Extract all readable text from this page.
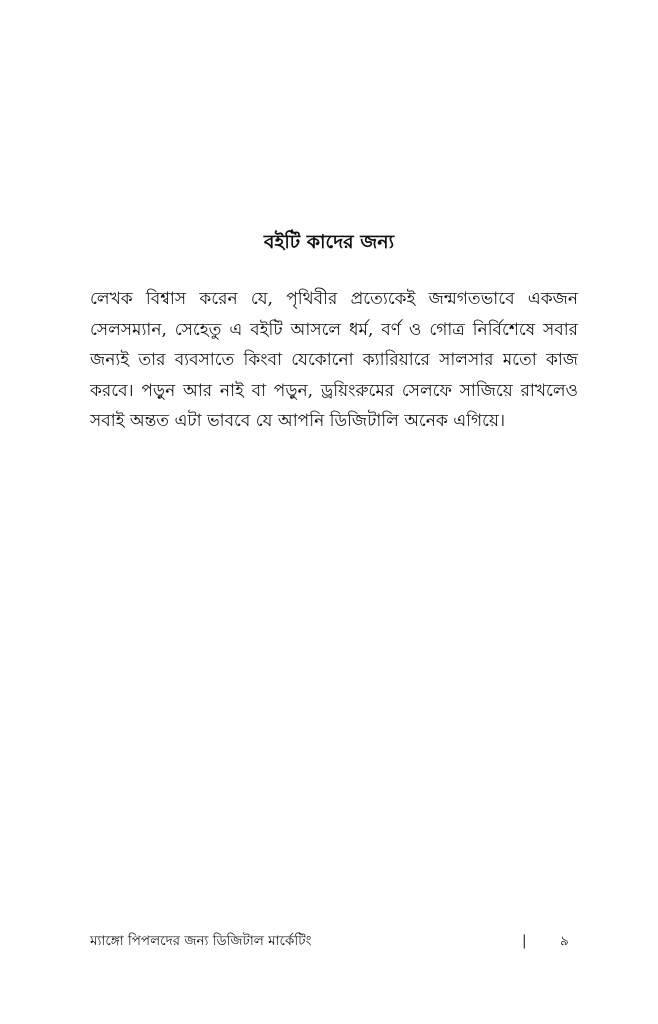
বইটি কাদের জন্য

লেখক বিশ্বাস করেন যে, পৃথিবীর প্রত্যেকেই জন্মগতভাবে একজন সেলসম্যান, সেহেতু এ বইটি আসলে ধর্ম, বর্ণ ও গোত্র নির্বিশেষে সবার জন্যই তার ব্যবসাতে কিংবা যেকোনো ক্যারিয়ারে সালসার মতো কাজ করবে। পড়ুন আর নাই বা পড়ুন, ড্রয়িংরুমের সেলফে সাজিয়ে রাখলেও সবাই অন্তত এটা ভাববে যে আপনি ডিজিটালি অনেক এগিয়ে।

ম্যাঙ্গো পিপলদের জন্য ডিজিটাল মার্কেটিং	| ৯
